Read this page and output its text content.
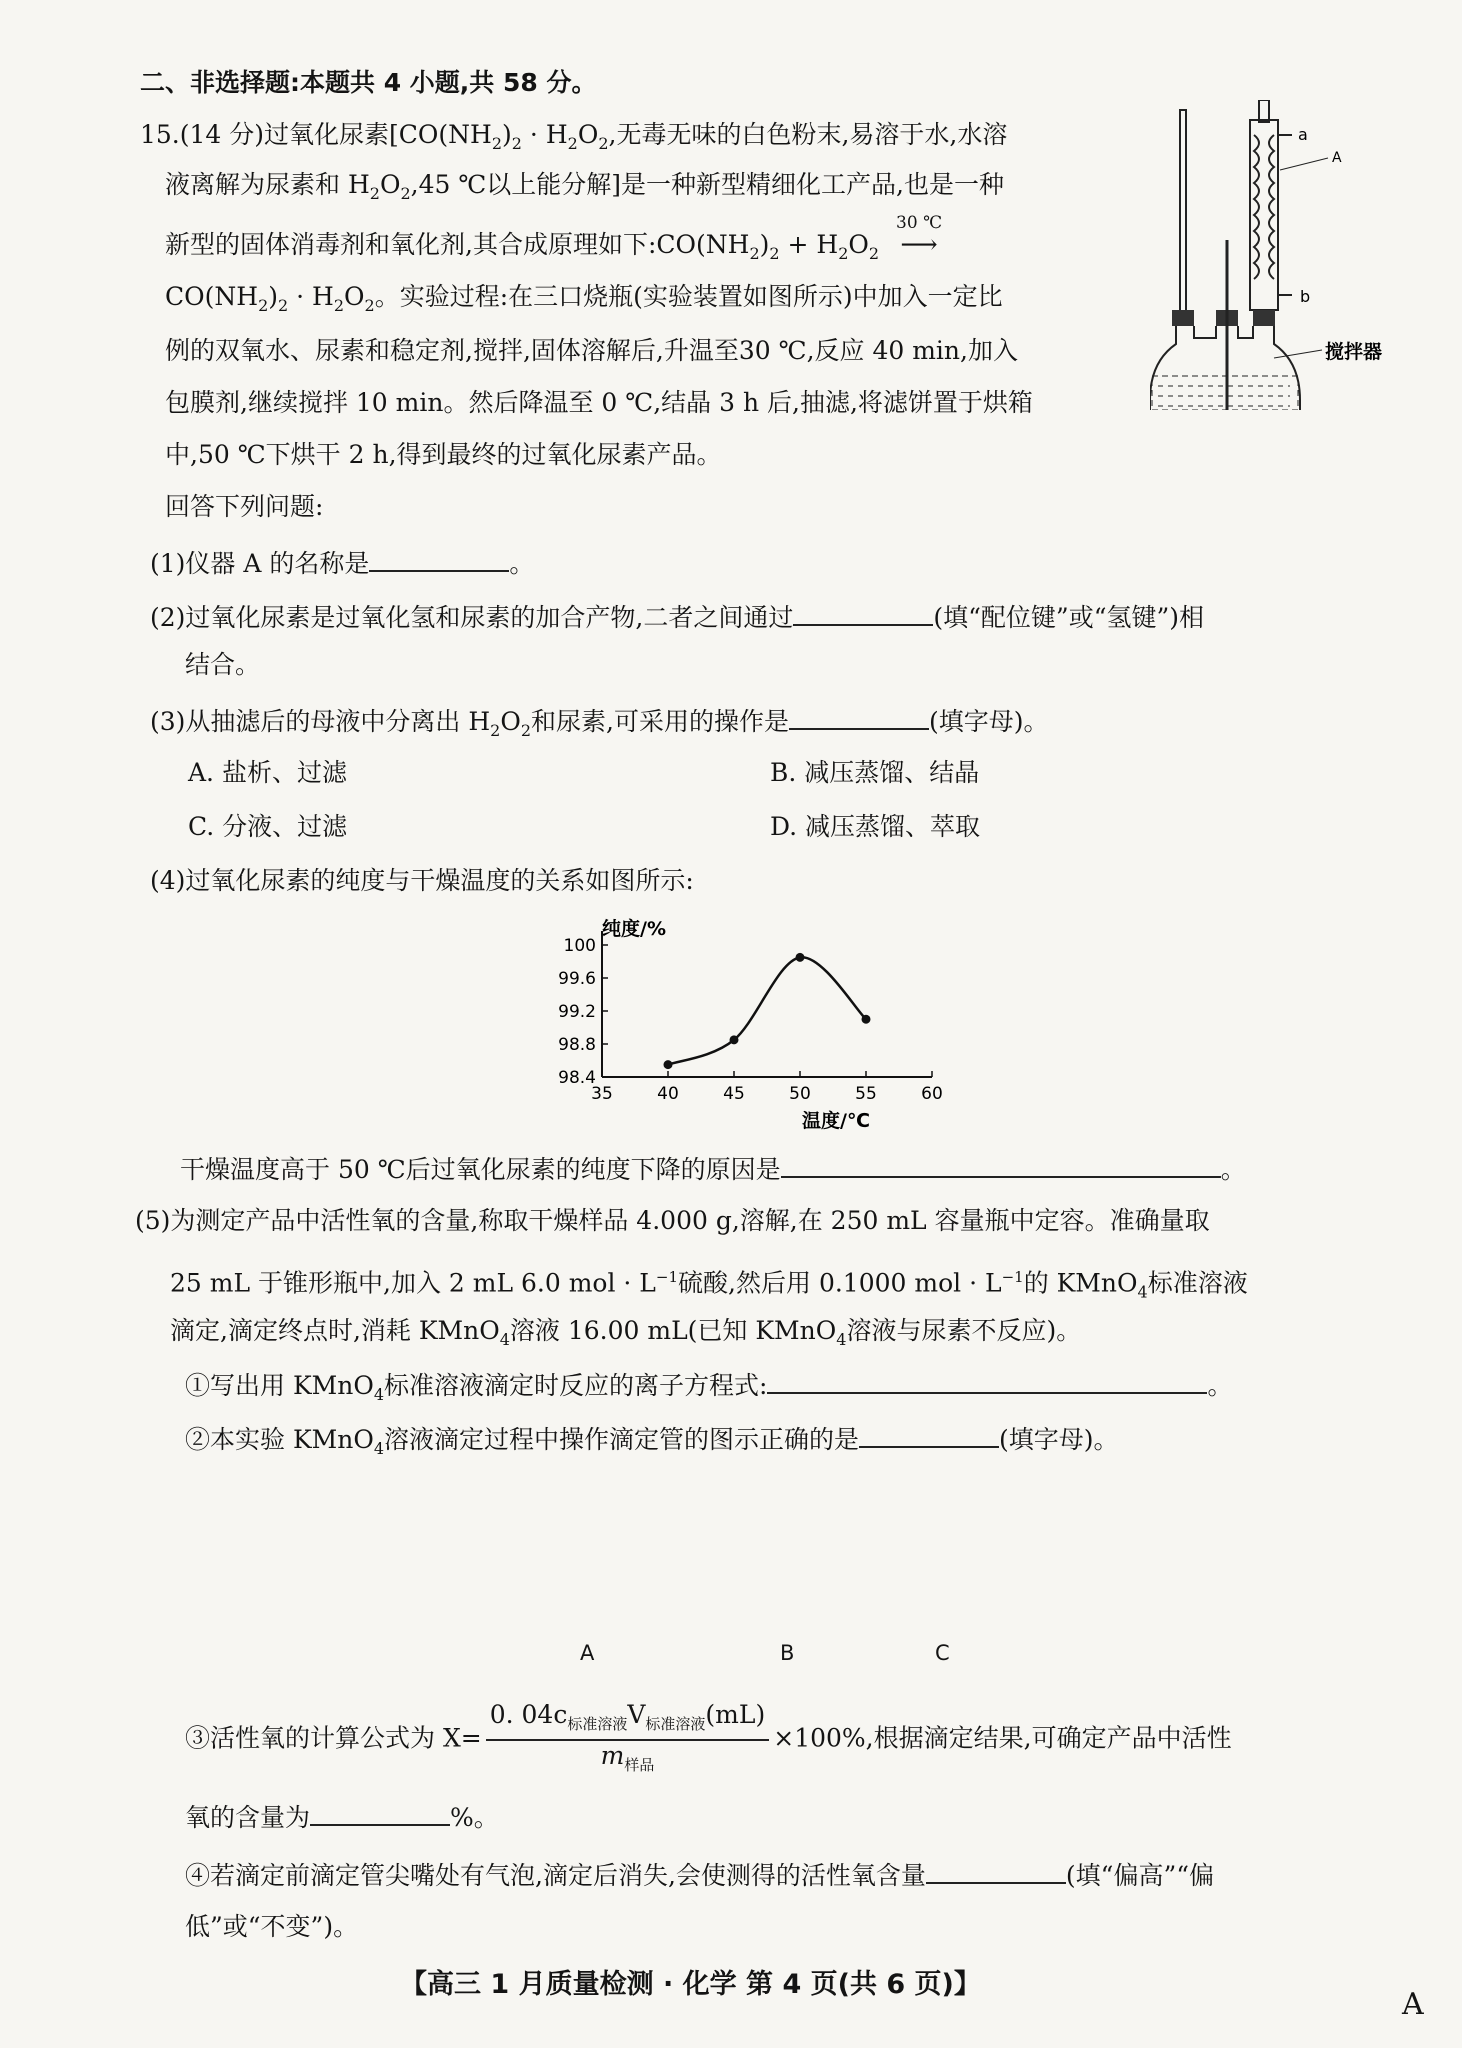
二、非选择题:本题共 4 小题,共 58 分。
15.(14 分)过氧化尿素[$CO(NH_2)_2 \cdot H_2O_2$,无毒无味的白色粉末,易溶于水,水溶
液离解为尿素和 $H_2O_2,45$ ℃以上能分解]是一种新型精细化工产品,也是一种
新型的固体消毒剂和氧化剂,其合成原理如下$:CO(NH_2)_2 + H_2O_2$
30 ℃
⟶
$CO(NH_2)_2 \cdot H_2O_2$。实验过程:在三口烧瓶(实验装置如图所示)中加入一定比
例的双氧水、尿素和稳定剂,搅拌,固体溶解后,升温至30 ℃,反应 40 min,加入
包膜剂,继续搅拌 10 min。然后降温至 0 ℃,结晶 3 h 后,抽滤,将滤饼置于烘箱
中,50 ℃下烘干 2 h,得到最终的过氧化尿素产品。
回答下列问题:
a
b
A
搅拌器
(1)仪器 A 的名称是	。
(2)过氧化尿素是过氧化氢和尿素的加合产物,二者之间通过	(填“配位键”或“氢键”)相
结合。
(3)从抽滤后的母液中分离出 $H_2O_2$和尿素,可采用的操作是	(填字母)。
A. 盐析、过滤	B. 减压蒸馏、结晶
C. 分液、过滤	D. 减压蒸馏、萃取
(4)过氧化尿素的纯度与干燥温度的关系如图所示:
35	40	45	50	55	60
98.4
98.8
99.2
99.6
100
纯度/%
温度/℃
干燥温度高于 50 ℃后过氧化尿素的纯度下降的原因是	。
(5)为测定产品中活性氧的含量,称取干燥样品 4.000 g,溶解,在 250 mL 容量瓶中定容。准确量取
25 mL 于锥形瓶中,加入 2 mL 6.0 mol · $L^{-1}$硫酸,然后用 0.1000 mol · $L^{-1}$的 KMnO$_4$标准溶液
滴定,滴定终点时,消耗 KMnO$_4$溶液 16.00 mL(已知 KMnO$_4$溶液与尿素不反应)。
①写出用 KMnO$_4$标准溶液滴定时反应的离子方程式:	。
②本实验 KMnO$_4$溶液滴定过程中操作滴定管的图示正确的是	(填字母)。
A	B	C
③活性氧的计算公式为 $X= \frac{0. 04c_{标准溶液}V_{标准溶液}(mL)}{m_{样品}} \times 100\%$,根据滴定结果,可确定产品中活性
氧的含量为	%。
④若滴定前滴定管尖嘴处有气泡,滴定后消失,会使测得的活性氧含量	(填“偏高”“偏
低”或“不变”)。
【高三 1 月质量检测 · 化学 第 4 页(共 6 页)】
A
